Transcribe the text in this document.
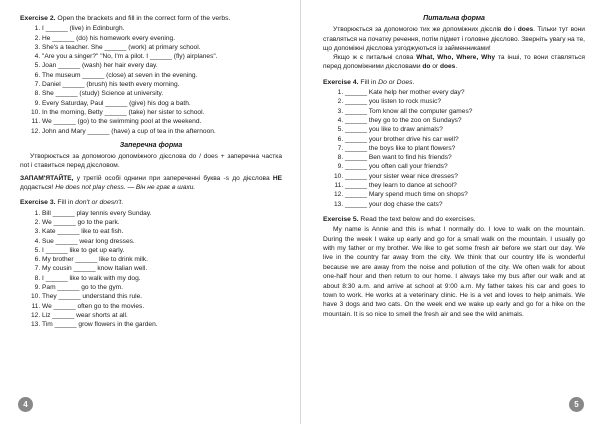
Exercise 2. Open the brackets and fill in the correct form of the verbs.

1. I ______ (live) in Edinburgh.
2. He ______ (do) his homework every evening.
3. She's a teacher. She ______ (work) at primary school.
4. "Are you a singer?" "No, I'm a pilot. I ______ (fly) airplanes".
5. Joan ______ (wash) her hair every day.
6. The museum ______ (close) at seven in the evening.
7. Daniel ______ (brush) his teeth every morning.
8. She ______ (study) Science at university.
9. Every Saturday, Paul ______ (give) his dog a bath.
10. In the morning, Betty ______ (take) her sister to school.
11. We ______ (go) to the swimming pool at the weekend.
12. John and Mary ______ (have) a cup of tea in the afternoon.
Заперечна форма

Утворюється за допомогою допоміжного дієслова do / does + заперечна частка not і ставиться перед дієсловом.

ЗАПАМ'ЯТАЙТЕ, у третій особі однини при запереченні буква -s до дієслова НЕ додається! He does not play chess. — Він не грає в шахи.

Exercise 3. Fill in don't or doesn't.

1. Bill ______ play tennis every Sunday.
2. We ______ go to the park.
3. Kate ______ like to eat fish.
4. Sue ______ wear long dresses.
5. I ______ like to get up early.
6. My brother ______ like to drink milk.
7. My cousin ______ know Italian well.
8. I ______ like to walk with my dog.
9. Pam ______ go to the gym.
10. They ______ understand this rule.
11. We ______ often go to the movies.
12. Liz ______ wear shorts at all.
13. Tim ______ grow flowers in the garden.
4
Питальна форма

Утворюється за допомогою тих же допоміжних дієслів do і does. Тільки тут вони ставляться на початку речення, потім підмет і головне дієслово. Зверніть увагу на те, що допоміжні дієслова узгоджуються із займенниками!

Якщо ж є питальні слова What, Who, Where, Why та інші, то вони ставляться перед допоміжними дієсловами do or does.

Exercise 4. Fill in Do or Does.

1. ______ Kate help her mother every day?
2. ______ you listen to rock music?
3. ______ Tom know all the computer games?
4. ______ they go to the zoo on Sundays?
5. ______ you like to draw animals?
6. ______ your brother drive his car well?
7. ______ the boys like to plant flowers?
8. ______ Ben want to find his friends?
9. ______ you often call your friends?
10. ______ your sister wear nice dresses?
11. ______ they learn to dance at school?
12. ______ Mary spend much time on shops?
13. ______ your dog chase the cats?

Exercise 5. Read the text below and do exercises.

My name is Annie and this is what I normally do. I love to walk on the mountain. During the week I wake up early and go for a small walk on the mountain. I usually go with my father or my brother. We like to get some fresh air before we start our day. We live in the country far away from the city. We think that our country life is wonderful because we are away from the noise and pollution of the city. We often walk for about one-half hour and then return to our home. I always take my bus after our walk and at about 8:30 a.m. and arrive at school at 9:00 a.m. My father takes his car and goes to town to work. He works at a veterinary clinic. He is a vet and loves to help animals. We have 3 dogs and two cats. On the week end we wake up early and go for a hike on the mountain. It is so nice to smell the fresh air and see the wild animals.

5
